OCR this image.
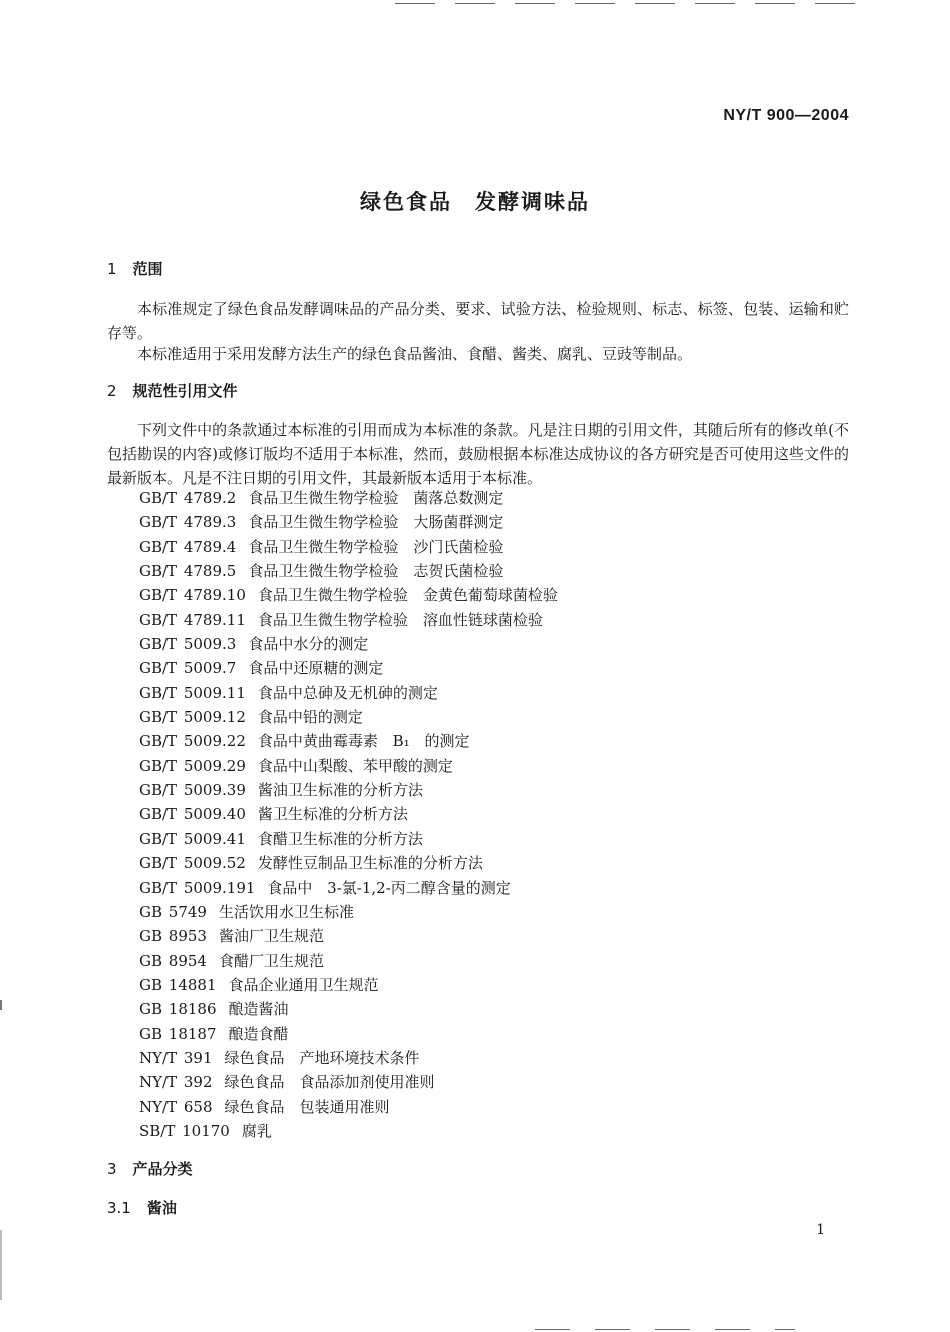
NY/T 900—2004
绿色食品　发酵调味品
1 范围
本标准规定了绿色食品发酵调味品的产品分类、要求、试验方法、检验规则、标志、标签、包装、运输和贮存等。
本标准适用于采用发酵方法生产的绿色食品酱油、食醋、酱类、腐乳、豆豉等制品。
2 规范性引用文件
下列文件中的条款通过本标准的引用而成为本标准的条款。凡是注日期的引用文件，其随后所有的修改单(不包括勘误的内容)或修订版均不适用于本标准，然而，鼓励根据本标准达成协议的各方研究是否可使用这些文件的最新版本。凡是不注日期的引用文件，其最新版本适用于本标准。
GB/T 4789.2 食品卫生微生物学检验　菌落总数测定
GB/T 4789.3 食品卫生微生物学检验　大肠菌群测定
GB/T 4789.4 食品卫生微生物学检验　沙门氏菌检验
GB/T 4789.5 食品卫生微生物学检验　志贺氏菌检验
GB/T 4789.10 食品卫生微生物学检验　金黄色葡萄球菌检验
GB/T 4789.11 食品卫生微生物学检验　溶血性链球菌检验
GB/T 5009.3 食品中水分的测定
GB/T 5009.7 食品中还原糖的测定
GB/T 5009.11 食品中总砷及无机砷的测定
GB/T 5009.12 食品中铅的测定
GB/T 5009.22 食品中黄曲霉毒素 B₁ 的测定
GB/T 5009.29 食品中山梨酸、苯甲酸的测定
GB/T 5009.39 酱油卫生标准的分析方法
GB/T 5009.40 酱卫生标准的分析方法
GB/T 5009.41 食醋卫生标准的分析方法
GB/T 5009.52 发酵性豆制品卫生标准的分析方法
GB/T 5009.191 食品中 3-氯-1,2-丙二醇含量的测定
GB 5749 生活饮用水卫生标准
GB 8953 酱油厂卫生规范
GB 8954 食醋厂卫生规范
GB 14881 食品企业通用卫生规范
GB 18186 酿造酱油
GB 18187 酿造食醋
NY/T 391 绿色食品　产地环境技术条件
NY/T 392 绿色食品　食品添加剂使用准则
NY/T 658 绿色食品　包装通用准则
SB/T 10170 腐乳
3 产品分类
3.1 酱油
1
